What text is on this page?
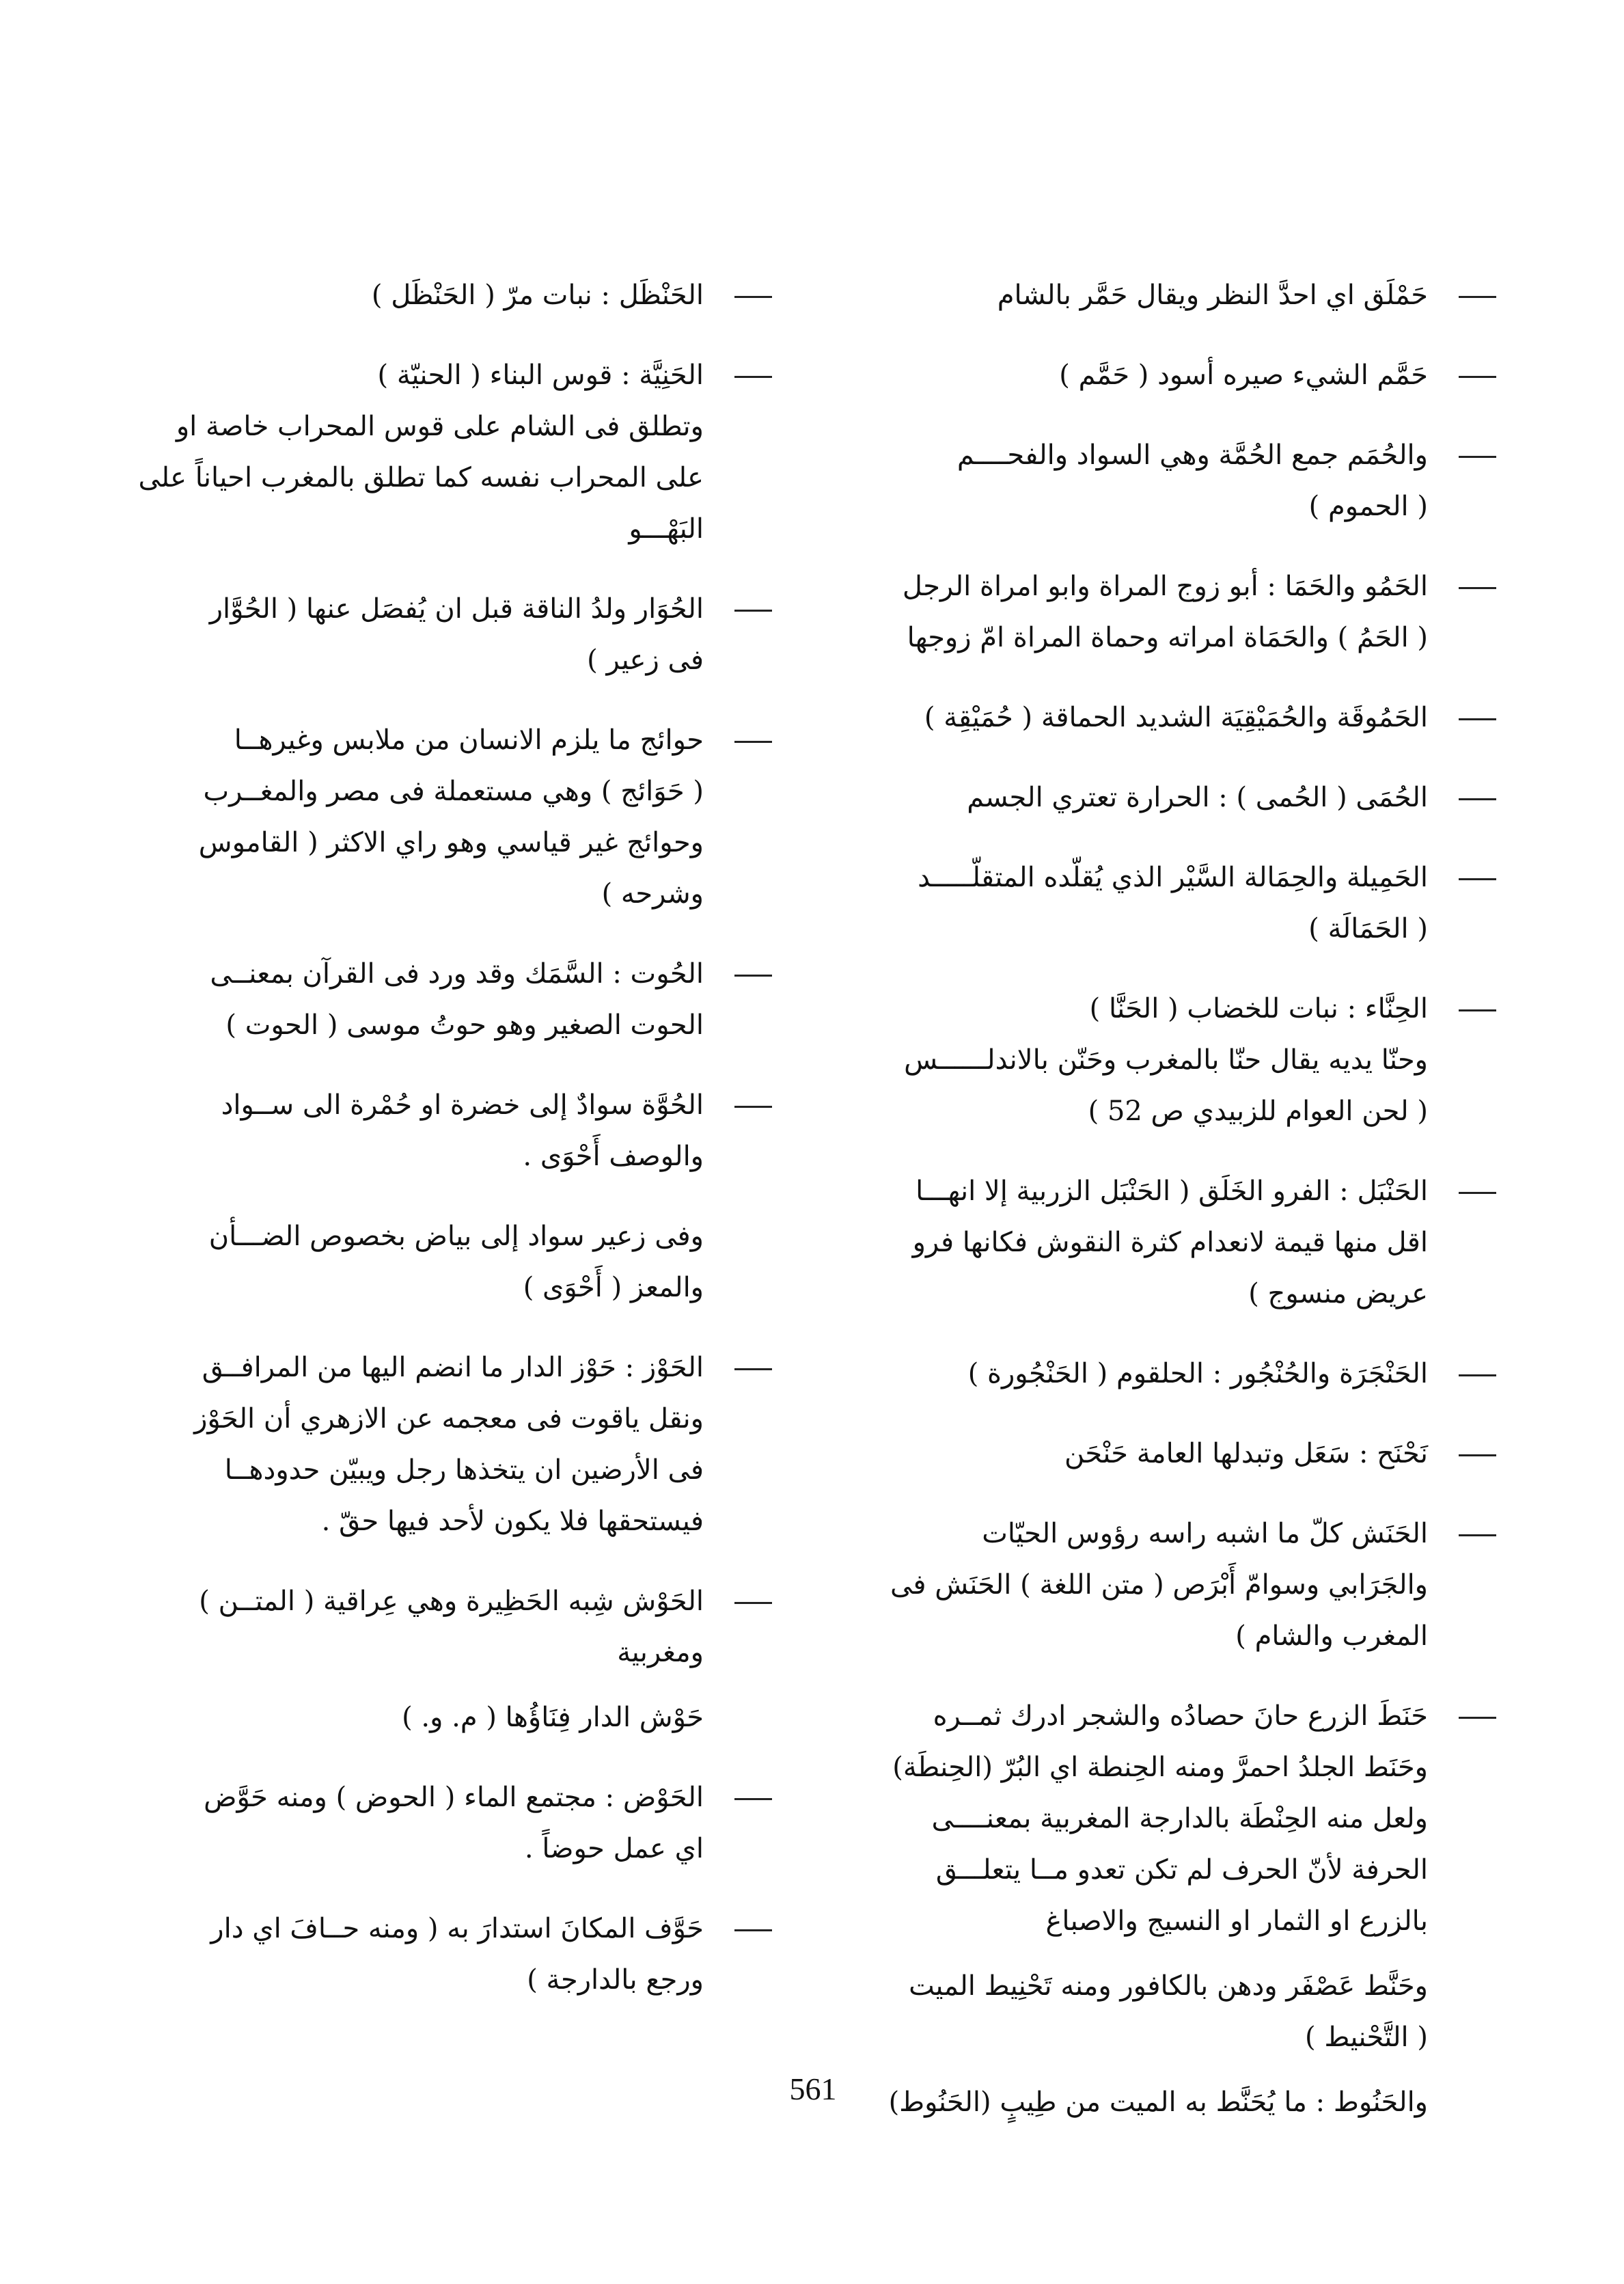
حَمْلَق اي احدَّ النظر ويقال حَمَّر بالشام

حَمَّم الشيء صيره أسود ( حَمَّم )

والحُمَم جمع الحُمَّة وهي السواد والفحــــم

( الحموم )

الحَمُو والحَمَا : أبو زوج المراة وابو امراة الرجل

( الحَمُ ) والحَمَاة امراته وحماة المراة امّ زوجها

الحَمُوقَة والحُمَيْقِيَة الشديد الحماقة ( حُمَيْقِة )

الحُمَى ( الحُمى ) : الحرارة تعتري الجسم

الحَمِيلة والحِمَالة السَّيْر الذي يُقلّده المتقلّـــــد

( الحَمَالَة )

الحِنَّاء : نبات للخضاب ( الحَنَّا )

وحنّا يديه يقال حنّا بالمغرب وحَنّن بالاندلــــــس

( لحن العوام للزبيدي ص 52 )

الحَنْبَل : الفرو الخَلَق ( الحَنْبَل الزربية إلا انهـــا

اقل منها قيمة لانعدام كثرة النقوش فكانها فرو

عريض منسوج )

الحَنْجَرَة والحُنْجُور : الحلقوم ( الحَنْجُورة )

نَحْنَح : سَعَل وتبدلها العامة حَنْحَن

الحَنَش كلّ ما اشبه راسه رؤوس الحيّات

والجَرَابي وسوامّ أَبْرَص ( متن اللغة ) الحَنَش فى

المغرب والشام )

حَنَطَ الزرع حانَ حصادُه والشجر ادرك ثمــره

وحَنَط الجلدُ احمرَّ ومنه الحِنطة اي البُرّ (الحِنطَة)

ولعل منه الحِنْطَة بالدارجة المغربية بمعنــــى

الحرفة لأنّ الحرف لم تكن تعدو مــا يتعلـــق

بالزرع او الثمار او النسيج والاصباغ

وحَنَّط عَصْفَر ودهن بالكافور ومنه تَحْنِيط الميت

( التَّحْنيط )

والحَنُوط : ما يُحَنَّط به الميت من طِيبٍ (الحَنُوط)

الحَنْظَل : نبات مرّ ( الحَنْظَل )

الحَنِيَّة : قوس البناء ( الحنيّة )

وتطلق فى الشام على قوس المحراب خاصة او

على المحراب نفسه كما تطلق بالمغرب احياناً على

البَهْـــو

الحُوَار ولدُ الناقة قبل ان يُفصَل عنها ( الحُوَّار

فى زعير )

حوائج ما يلزم الانسان من ملابس وغيرهــا

( حَوَائج ) وهي مستعملة فى مصر والمغــرب

وحوائج غير قياسي وهو راي الاكثر ( القاموس

وشرحه )

الحُوت : السَّمَك وقد ورد فى القرآن بمعنــى

الحوت الصغير وهو حوتُ موسى ( الحوت )

الحُوَّة سوادٌ إلى خضرة او حُمْرة الى ســواد

والوصف أَحْوَى .

وفى زعير سواد إلى بياض بخصوص الضـــأن

والمعز ( أَحْوَى )

الحَوْز : حَوْز الدار ما انضم اليها من المرافــق

ونقل ياقوت فى معجمه عن الازهري أن الحَوْز

فى الأرضين ان يتخذها رجل ويبيّن حدودهــا

فيستحقها فلا يكون لأحد فيها حقّ .

الحَوْش شِبه الحَظِيرة وهي عِراقية ( المتــن )

ومغربية

حَوْش الدار فِنَاؤُها ( م. و. )

الحَوْض : مجتمع الماء ( الحوض ) ومنه حَوَّض

اي عمل حوضاً .

حَوَّف المكانَ استدارَ به ( ومنه حــافَ اي دار

ورجع بالدارجة )

561
